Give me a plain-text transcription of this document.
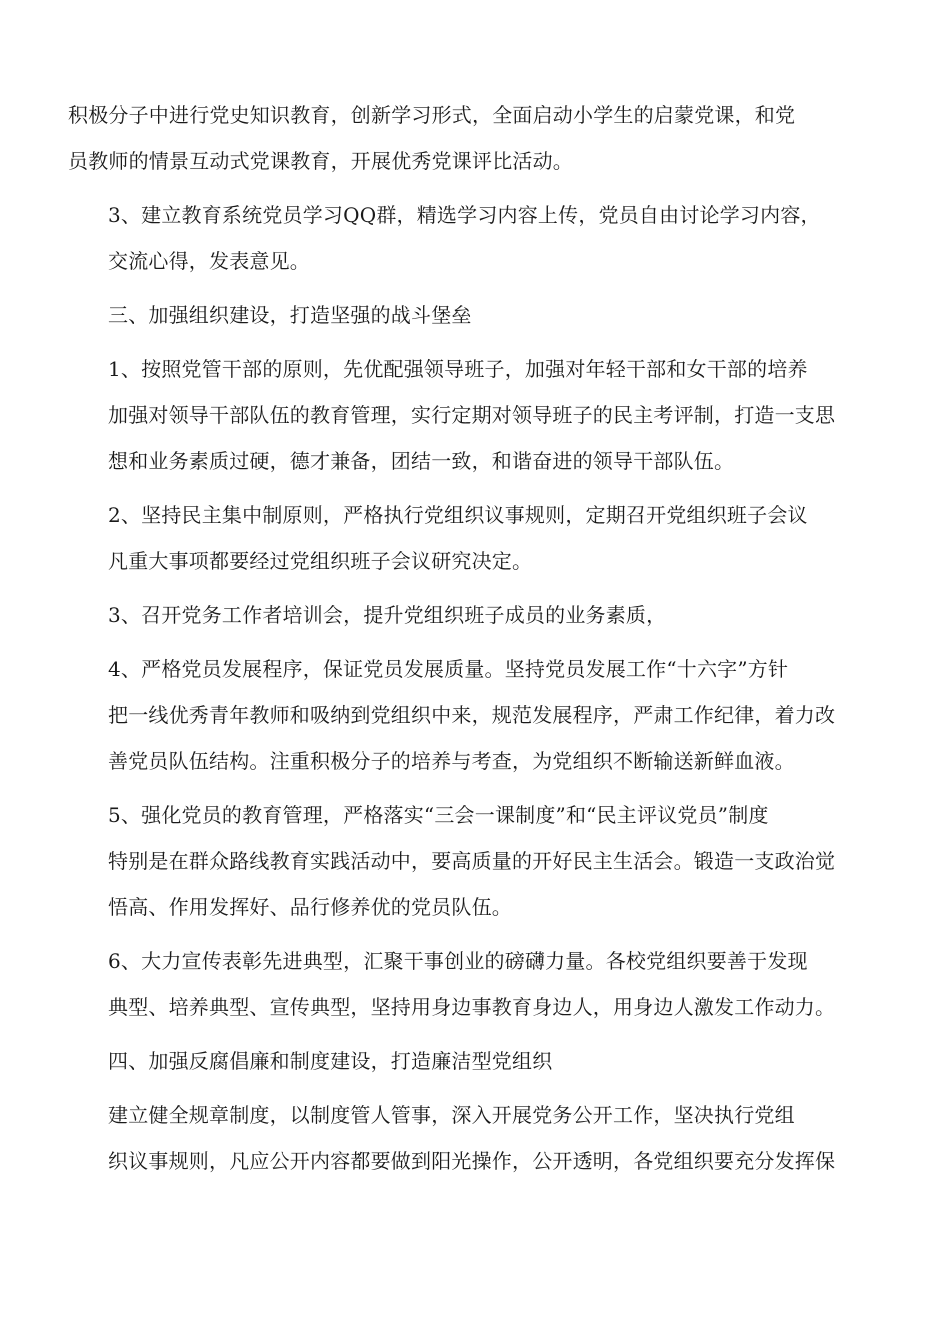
积极分子中进行党史知识教育，创新学习形式，全面启动小学生的启蒙党课，和党
员教师的情景互动式党课教育，开展优秀党课评比活动。

3、建立教育系统党员学习QQ群，精选学习内容上传，党员自由讨论学习内容，
交流心得，发表意见。

三、加强组织建设，打造坚强的战斗堡垒

1、按照党管干部的原则，先优配强领导班子，加强对年轻干部和女干部的培养
加强对领导干部队伍的教育管理，实行定期对领导班子的民主考评制，打造一支思
想和业务素质过硬，德才兼备，团结一致，和谐奋进的领导干部队伍。

2、坚持民主集中制原则，严格执行党组织议事规则，定期召开党组织班子会议
凡重大事项都要经过党组织班子会议研究决定。

3、召开党务工作者培训会，提升党组织班子成员的业务素质，

4、严格党员发展程序，保证党员发展质量。坚持党员发展工作“十六字”方针
把一线优秀青年教师和吸纳到党组织中来，规范发展程序，严肃工作纪律，着力改
善党员队伍结构。注重积极分子的培养与考查，为党组织不断输送新鲜血液。

5、强化党员的教育管理，严格落实“三会一课制度”和“民主评议党员”制度
特别是在群众路线教育实践活动中，要高质量的开好民主生活会。锻造一支政治觉
悟高、作用发挥好、品行修养优的党员队伍。

6、大力宣传表彰先进典型，汇聚干事创业的磅礴力量。各校党组织要善于发现
典型、培养典型、宣传典型，坚持用身边事教育身边人，用身边人激发工作动力。

四、加强反腐倡廉和制度建设，打造廉洁型党组织

建立健全规章制度，以制度管人管事，深入开展党务公开工作，坚决执行党组
织议事规则，凡应公开内容都要做到阳光操作，公开透明，各党组织要充分发挥保
